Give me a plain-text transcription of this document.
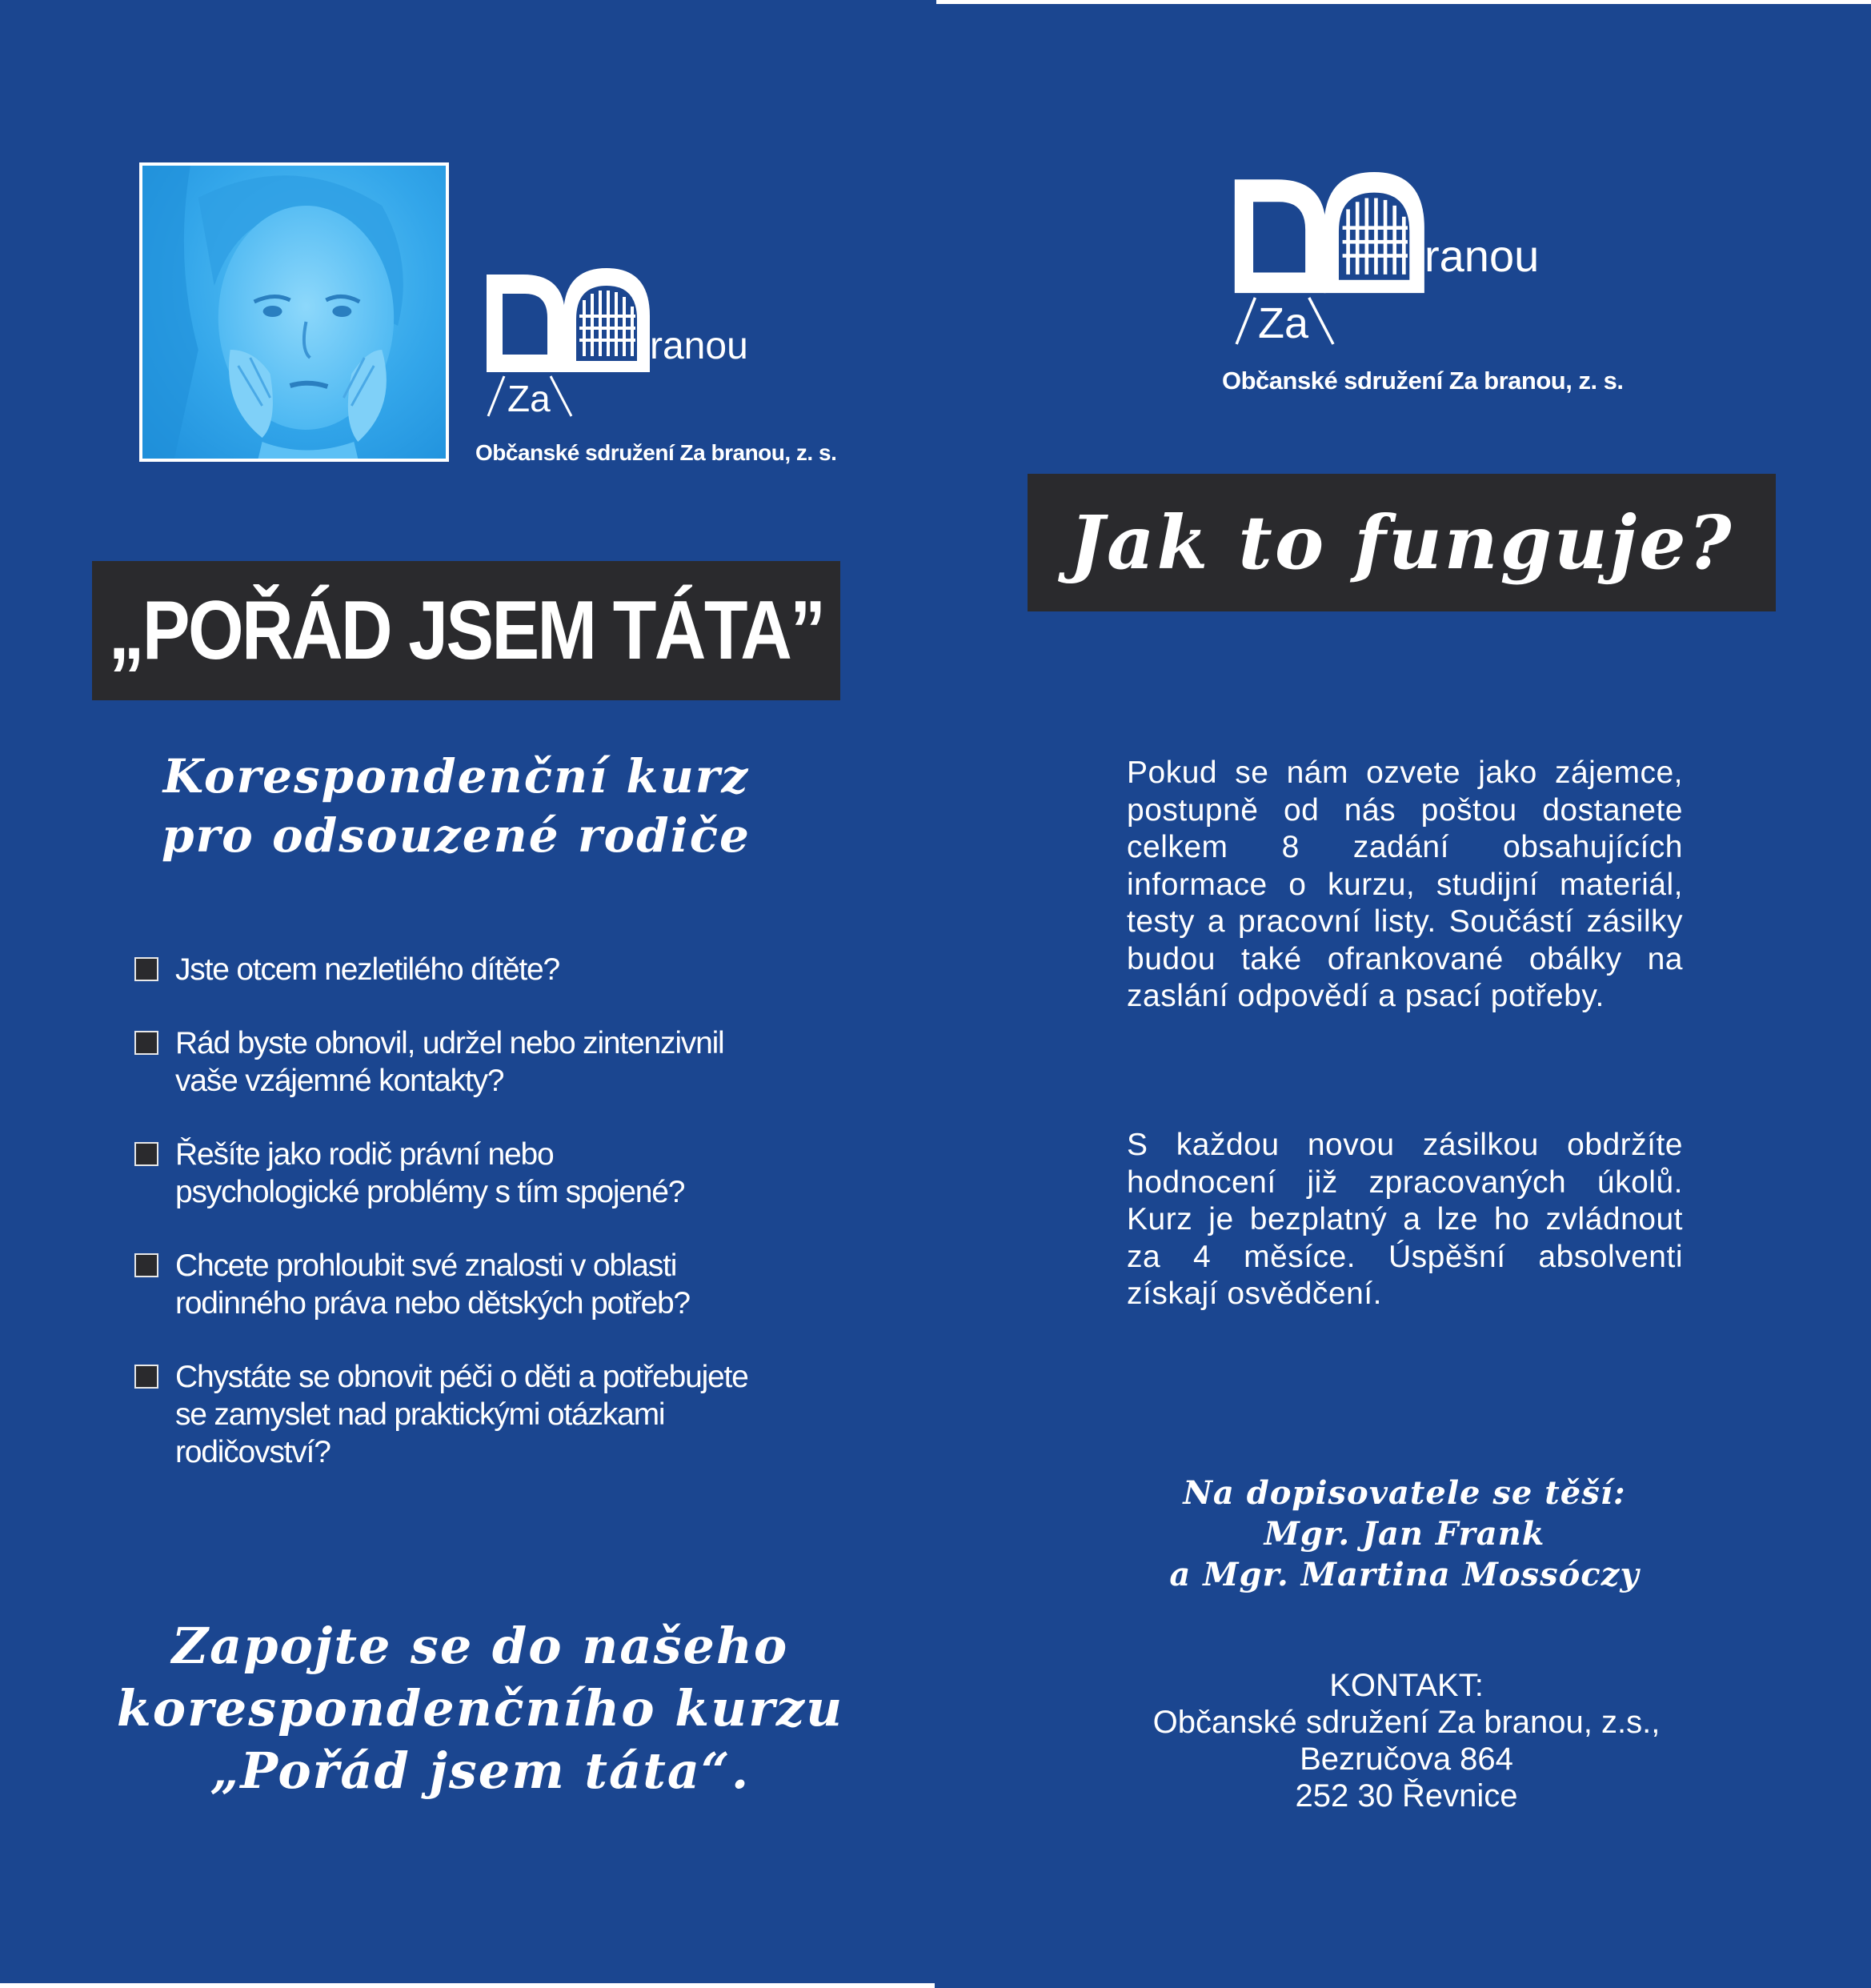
Za
ranou
Občanské sdružení Za branou, z. s.
„POŘÁD JSEM TÁTA”
Korespondenční kurz
pro odsouzené rodiče
Jste otcem nezletilého dítěte?
Rád byste obnovil, udržel nebo zintenzivnil
vaše vzájemné kontakty?
Řešíte jako rodič právní nebo
psychologické problémy s tím spojené?
Chcete prohloubit své znalosti v oblasti
rodinného práva nebo dětských potřeb?
Chystáte se obnovit péči o děti a potřebujete
se zamyslet nad praktickými otázkami
rodičovství?
Zapojte se do našeho
korespondenčního kurzu
„Pořád jsem táta“.
Za
ranou
Občanské sdružení Za branou, z. s.
Jak to funguje?

Pokud se nám ozvete jako zájemce, postupně od nás poštou dostanete celkem 8 zadání obsahujících informace o kurzu, studijní materiál, testy a pracovní listy. Součástí zásilky budou také ofrankované obálky na zaslání odpovědí a psací potřeby.

S každou novou zásilkou obdržíte hodnocení již zpracovaných úkolů. Kurz je bezplatný a lze ho zvládnout za 4 měsíce. Úspěšní absolventi získají osvědčení.

Na dopisovatele se těší:
Mgr. Jan Frank
a Mgr. Martina Mossóczy
KONTAKT:
Občanské sdružení Za branou, z.s.,
Bezručova 864
252 30 Řevnice
